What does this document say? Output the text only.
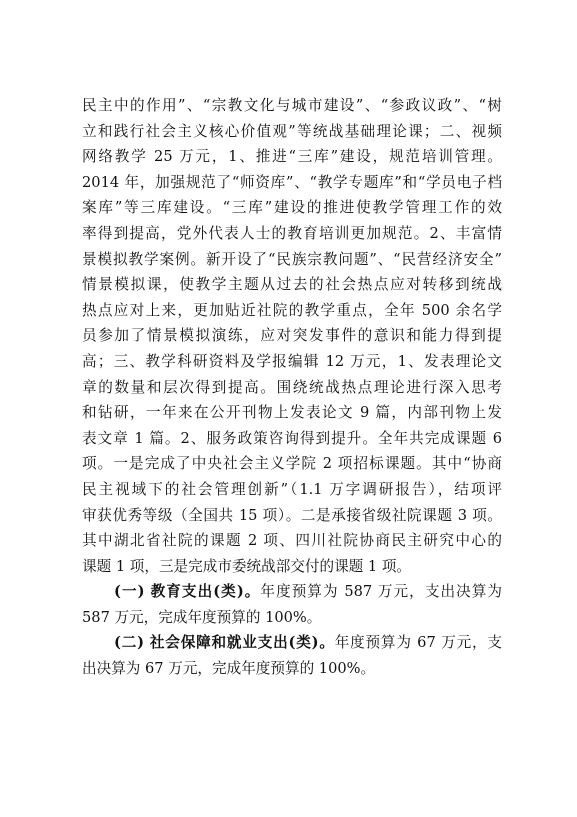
民主中的作用”、“宗教文化与城市建设”、“参政议政”、“树
立和践行社会主义核心价值观”等统战基础理论课；二、视频
网络教学 25 万元，1、推进“三库”建设，规范培训管理。
2014 年，加强规范了“师资库”、“教学专题库”和“学员电子档
案库”等三库建设。“三库”建设的推进使教学管理工作的效
率得到提高，党外代表人士的教育培训更加规范。2、丰富情
景模拟教学案例。新开设了“民族宗教问题”、“民营经济安全”
情景模拟课，使教学主题从过去的社会热点应对转移到统战
热点应对上来，更加贴近社院的教学重点，全年 500 余名学
员参加了情景模拟演练，应对突发事件的意识和能力得到提
高；三、教学科研资料及学报编辑 12 万元，1、发表理论文
章的数量和层次得到提高。围绕统战热点理论进行深入思考
和钻研，一年来在公开刊物上发表论文 9 篇，内部刊物上发
表文章 1 篇。2、服务政策咨询得到提升。全年共完成课题 6
项。一是完成了中央社会主义学院 2 项招标课题。其中“协商
民主视域下的社会管理创新”（1.1 万字调研报告），结项评
审获优秀等级（全国共 15 项）。二是承接省级社院课题 3 项。
其中湖北省社院的课题 2 项、四川社院协商民主研究中心的
课题 1 项，三是完成市委统战部交付的课题 1 项。
(一) 教育支出(类)。年度预算为 587 万元，支出决算为
587 万元，完成年度预算的 100%。
(二) 社会保障和就业支出(类)。年度预算为 67 万元，支
出决算为 67 万元，完成年度预算的 100%。
